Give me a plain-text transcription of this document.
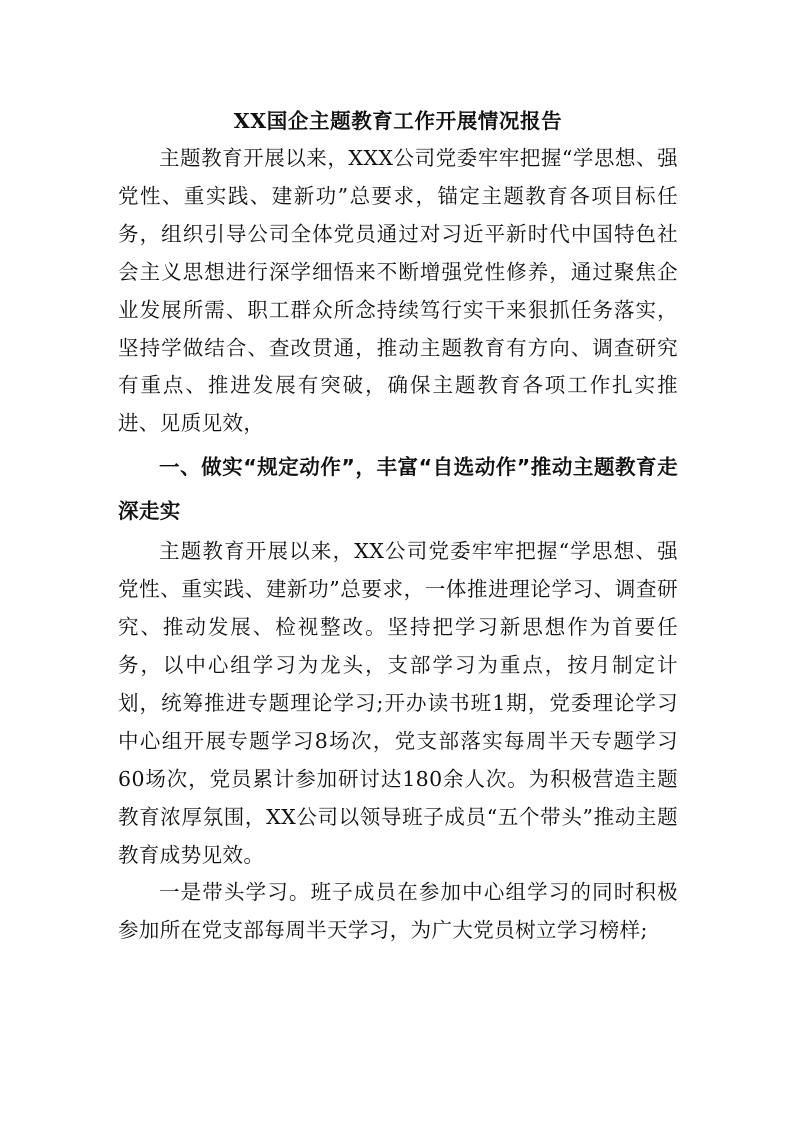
XX国企主题教育工作开展情况报告

主题教育开展以来，XXX公司党委牢牢把握“学思想、强党性、重实践、建新功”总要求，锚定主题教育各项目标任务，组织引导公司全体党员通过对习近平新时代中国特色社会主义思想进行深学细悟来不断增强党性修养，通过聚焦企业发展所需、职工群众所念持续笃行实干来狠抓任务落实，坚持学做结合、查改贯通，推动主题教育有方向、调查研究有重点、推进发展有突破，确保主题教育各项工作扎实推进、见质见效，

一、做实“规定动作”，丰富“自选动作”推动主题教育走深走实

主题教育开展以来，XX公司党委牢牢把握“学思想、强党性、重实践、建新功”总要求，一体推进理论学习、调查研究、推动发展、检视整改。坚持把学习新思想作为首要任务，以中心组学习为龙头，支部学习为重点，按月制定计划，统筹推进专题理论学习;开办读书班1期，党委理论学习中心组开展专题学习8场次，党支部落实每周半天专题学习60场次，党员累计参加研讨达180余人次。为积极营造主题教育浓厚氛围，XX公司以领导班子成员“五个带头”推动主题教育成势见效。

一是带头学习。班子成员在参加中心组学习的同时积极参加所在党支部每周半天学习，为广大党员树立学习榜样;
